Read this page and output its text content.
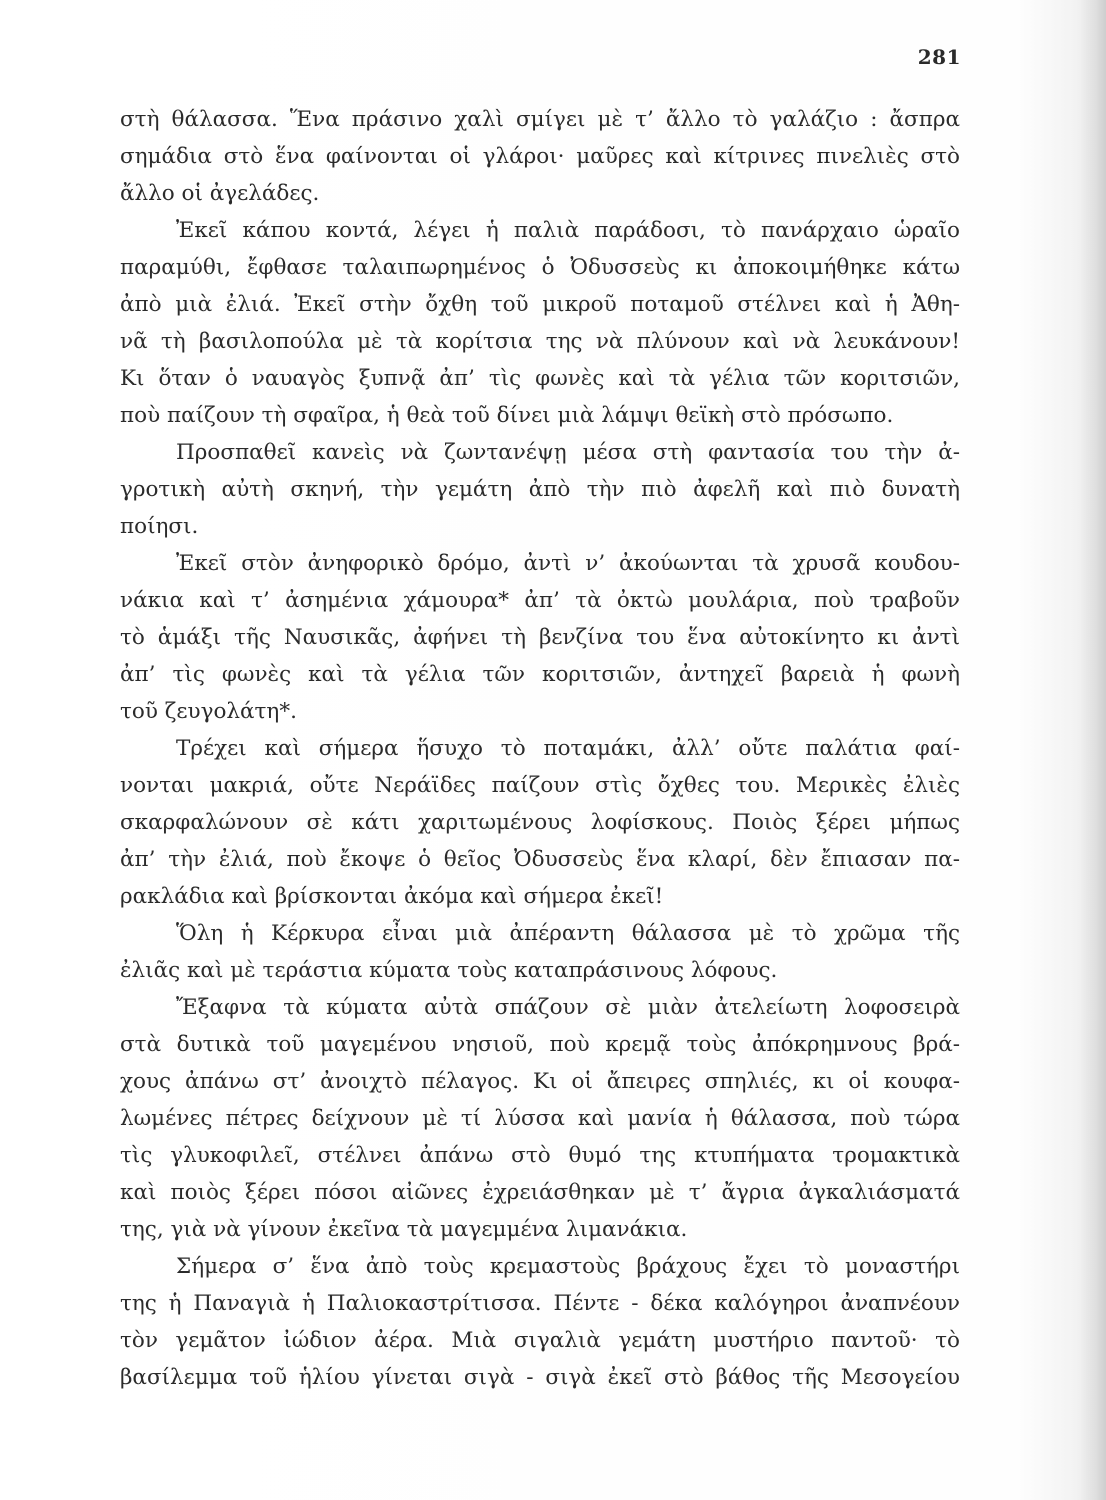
281
στὴ θάλασσα. Ἕνα πράσινο χαλὶ σμίγει μὲ τ’ ἄλλο τὸ γαλάζιο : ἄσπρα
σημάδια στὸ ἕνα φαίνονται οἱ γλάροι· μαῦρες καὶ κίτρινες πινελιὲς στὸ
ἄλλο οἱ ἀγελάδες.
Ἐκεῖ κάπου κοντά, λέγει ἡ παλιὰ παράδοσι, τὸ πανάρχαιο ὡραῖο
παραμύθι, ἔφθασε ταλαιπωρημένος ὁ Ὀδυσσεὺς κι ἀποκοιμήθηκε κάτω
ἀπὸ μιὰ ἐλιά. Ἐκεῖ στὴν ὄχθη τοῦ μικροῦ ποταμοῦ στέλνει καὶ ἡ Ἀθη-
νᾶ τὴ βασιλοπούλα μὲ τὰ κορίτσια της νὰ πλύνουν καὶ νὰ λευκάνουν!
Κι ὅταν ὁ ναυαγὸς ξυπνᾷ ἀπ’ τὶς φωνὲς καὶ τὰ γέλια τῶν κοριτσιῶν,
ποὺ παίζουν τὴ σφαῖρα, ἡ θεὰ τοῦ δίνει μιὰ λάμψι θεϊκὴ στὸ πρόσωπο.
Προσπαθεῖ κανεὶς νὰ ζωντανέψῃ μέσα στὴ φαντασία του τὴν ἀ-
γροτικὴ αὐτὴ σκηνή, τὴν γεμάτη ἀπὸ τὴν πιὸ ἀφελῆ καὶ πιὸ δυνατὴ
ποίησι.
Ἐκεῖ στὸν ἀνηφορικὸ δρόμο, ἀντὶ ν’ ἀκούωνται τὰ χρυσᾶ κουδου-
νάκια καὶ τ’ ἀσημένια χάμουρα* ἀπ’ τὰ ὀκτὼ μουλάρια, ποὺ τραβοῦν
τὸ ἁμάξι τῆς Ναυσικᾶς, ἀφήνει τὴ βενζίνα του ἕνα αὐτοκίνητο κι ἀντὶ
ἀπ’ τὶς φωνὲς καὶ τὰ γέλια τῶν κοριτσιῶν, ἀντηχεῖ βαρειὰ ἡ φωνὴ
τοῦ ζευγολάτη*.
Τρέχει καὶ σήμερα ἥσυχο τὸ ποταμάκι, ἀλλ’ οὔτε παλάτια φαί-
νονται μακριά, οὔτε Νεράϊδες παίζουν στὶς ὄχθες του. Μερικὲς ἐλιὲς
σκαρφαλώνουν σὲ κάτι χαριτωμένους λοφίσκους. Ποιὸς ξέρει μήπως
ἀπ’ τὴν ἐλιά, ποὺ ἔκοψε ὁ θεῖος Ὀδυσσεὺς ἕνα κλαρί, δὲν ἔπιασαν πα-
ρακλάδια καὶ βρίσκονται ἀκόμα καὶ σήμερα ἐκεῖ!
Ὅλη ἡ Κέρκυρα εἶναι μιὰ ἀπέραντη θάλασσα μὲ τὸ χρῶμα τῆς
ἐλιᾶς καὶ μὲ τεράστια κύματα τοὺς καταπράσινους λόφους.
Ἔξαφνα τὰ κύματα αὐτὰ σπάζουν σὲ μιὰν ἀτελείωτη λοφοσειρὰ
στὰ δυτικὰ τοῦ μαγεμένου νησιοῦ, ποὺ κρεμᾷ τοὺς ἀπόκρημνους βρά-
χους ἀπάνω στ’ ἀνοιχτὸ πέλαγος. Κι οἱ ἄπειρες σπηλιές, κι οἱ κουφα-
λωμένες πέτρες δείχνουν μὲ τί λύσσα καὶ μανία ἡ θάλασσα, ποὺ τώρα
τὶς γλυκοφιλεῖ, στέλνει ἀπάνω στὸ θυμό της κτυπήματα τρομακτικὰ
καὶ ποιὸς ξέρει πόσοι αἰῶνες ἐχρειάσθηκαν μὲ τ’ ἄγρια ἀγκαλιάσματά
της, γιὰ νὰ γίνουν ἐκεῖνα τὰ μαγεμμένα λιμανάκια.
Σήμερα σ’ ἕνα ἀπὸ τοὺς κρεμαστοὺς βράχους ἔχει τὸ μοναστήρι
της ἡ Παναγιὰ ἡ Παλιοκαστρίτισσα. Πέντε - δέκα καλόγηροι ἀναπνέουν
τὸν γεμᾶτον ἰώδιον ἀέρα. Μιὰ σιγαλιὰ γεμάτη μυστήριο παντοῦ· τὸ
βασίλεμμα τοῦ ἡλίου γίνεται σιγὰ - σιγὰ ἐκεῖ στὸ βάθος τῆς Μεσογείου
